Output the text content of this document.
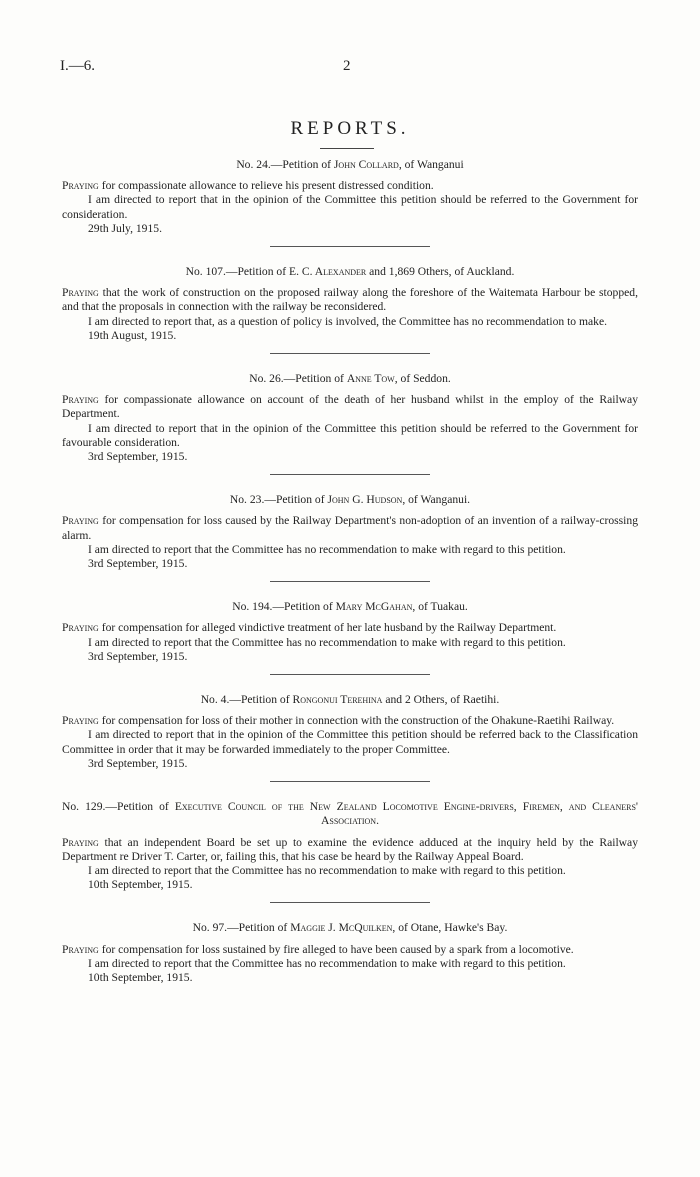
I.—6.	2
REPORTS.
No. 24.—Petition of John Collard, of Wanganui

Praying for compassionate allowance to relieve his present distressed condition.

I am directed to report that in the opinion of the Committee this petition should be referred to the Government for consideration.

29th July, 1915.

No. 107.—Petition of E. C. Alexander and 1,869 Others, of Auckland.

Praying that the work of construction on the proposed railway along the foreshore of the Waitemata Harbour be stopped, and that the proposals in connection with the railway be reconsidered.

I am directed to report that, as a question of policy is involved, the Committee has no recommendation to make.

19th August, 1915.

No. 26.—Petition of Anne Tow, of Seddon.

Praying for compassionate allowance on account of the death of her husband whilst in the employ of the Railway Department.

I am directed to report that in the opinion of the Committee this petition should be referred to the Government for favourable consideration.

3rd September, 1915.

No. 23.—Petition of John G. Hudson, of Wanganui.

Praying for compensation for loss caused by the Railway Department's non-adoption of an invention of a railway-crossing alarm.

I am directed to report that the Committee has no recommendation to make with regard to this petition.

3rd September, 1915.

No. 194.—Petition of Mary McGahan, of Tuakau.

Praying for compensation for alleged vindictive treatment of her late husband by the Railway Department.

I am directed to report that the Committee has no recommendation to make with regard to this petition.

3rd September, 1915.

No. 4.—Petition of Rongonui Terehina and 2 Others, of Raetihi.

Praying for compensation for loss of their mother in connection with the construction of the Ohakune-Raetihi Railway.

I am directed to report that in the opinion of the Committee this petition should be referred back to the Classification Committee in order that it may be forwarded immediately to the proper Committee.

3rd September, 1915.

No. 129.—Petition of Executive Council of the New Zealand Locomotive Engine-drivers, Firemen, and Cleaners' Association.

Praying that an independent Board be set up to examine the evidence adduced at the inquiry held by the Railway Department re Driver T. Carter, or, failing this, that his case be heard by the Railway Appeal Board.

I am directed to report that the Committee has no recommendation to make with regard to this petition.

10th September, 1915.

No. 97.—Petition of Maggie J. McQuilken, of Otane, Hawke's Bay.

Praying for compensation for loss sustained by fire alleged to have been caused by a spark from a locomotive.

I am directed to report that the Committee has no recommendation to make with regard to this petition.

10th September, 1915.
